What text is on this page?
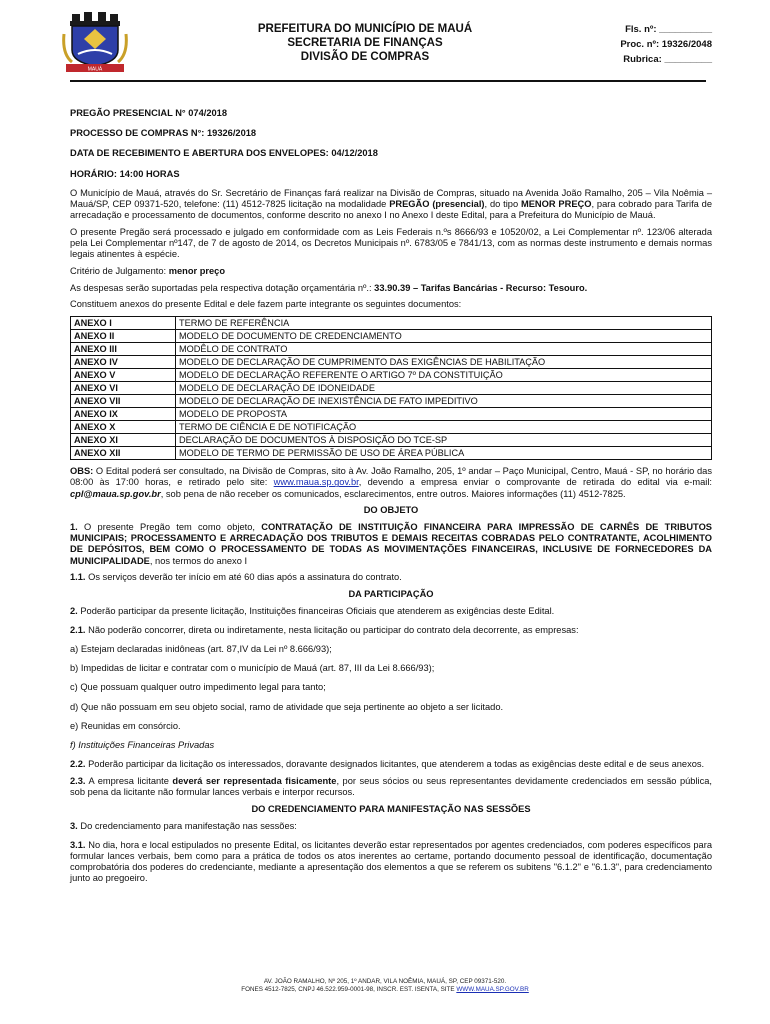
MAUÁ
PREFEITURA DO MUNICÍPIO DE MAUÁ
SECRETARIA DE FINANÇAS
DIVISÃO DE COMPRAS
Fls. nº:
__________
Proc. nº:
19326/2048
Rubrica:
_________

PREGÃO PRESENCIAL N° 074/2018

PROCESSO DE COMPRAS N°: 19326/2018

DATA DE RECEBIMENTO E ABERTURA DOS ENVELOPES: 04/12/2018

HORÁRIO: 14:00 HORAS

O Município de Mauá, através do Sr. Secretário de Finanças fará realizar na Divisão de Compras, situado na Avenida João Ramalho, 205 – Vila Noêmia – Mauá/SP, CEP 09371-520, telefone: (11) 4512-7825 licitação na modalidade PREGÃO (presencial), do tipo MENOR PREÇO, para cobrado para Tarifa de arrecadação e processamento de documentos, conforme descrito no anexo I no Anexo I deste Edital, para a Prefeitura do Município de Mauá.

O presente Pregão será processado e julgado em conformidade com as Leis Federais n.ºs 8666/93 e 10520/02, a Lei Complementar nº. 123/06 alterada pela Lei Complementar nº147, de 7 de agosto de 2014, os Decretos Municipais nº. 6783/05 e 7841/13, com as normas deste instrumento e demais normas legais atinentes à espécie.

Critério de Julgamento: menor preço

As despesas serão suportadas pela respectiva dotação orçamentária nº.: 33.90.39 – Tarifas Bancárias - Recurso: Tesouro.

Constituem anexos do presente Edital e dele fazem parte integrante os seguintes documentos:

ANEXO I	TERMO DE REFERÊNCIA
ANEXO II	MODELO DE DOCUMENTO DE CREDENCIAMENTO
ANEXO III	MODÊLO DE CONTRATO
ANEXO IV	MODELO DE DECLARAÇÃO DE CUMPRIMENTO DAS EXIGÊNCIAS DE HABILITAÇÃO
ANEXO V	MODELO DE DECLARAÇÃO REFERENTE O ARTIGO 7º DA CONSTITUIÇÃO
ANEXO VI	MODELO DE DECLARAÇÃO DE IDONEIDADE
ANEXO VII	MODELO DE DECLARAÇÃO DE INEXISTÊNCIA DE FATO IMPEDITIVO
ANEXO IX	MODELO DE PROPOSTA
ANEXO X	TERMO DE CIÊNCIA E DE NOTIFICAÇÃO
ANEXO XI	DECLARAÇÃO DE DOCUMENTOS À DISPOSIÇÃO DO TCE-SP
ANEXO XII	MODELO DE TERMO DE PERMISSÃO DE USO DE ÁREA PÚBLICA

OBS: O Edital poderá ser consultado, na Divisão de Compras, sito à Av. João Ramalho, 205, 1º andar – Paço Municipal, Centro, Mauá - SP, no horário das 08:00 às 17:00 horas, e retirado pelo site: www.maua.sp.gov.br, devendo a empresa enviar o comprovante de retirada do edital via e-mail: cpl@maua.sp.gov.br, sob pena de não receber os comunicados, esclarecimentos, entre outros. Maiores informações (11) 4512-7825.

DO OBJETO

1. O presente Pregão tem como objeto, CONTRATAÇÃO DE INSTITUIÇÃO FINANCEIRA PARA IMPRESSÃO DE CARNÊS DE TRIBUTOS MUNICIPAIS; PROCESSAMENTO E ARRECADAÇÃO DOS TRIBUTOS E DEMAIS RECEITAS COBRADAS PELO CONTRATANTE, ACOLHIMENTO DE DEPÓSITOS, BEM COMO O PROCESSAMENTO DE TODAS AS MOVIMENTAÇÕES FINANCEIRAS, INCLUSIVE DE FORNECEDORES DA MUNICIPALIDADE, nos termos do anexo I

1.1. Os serviços deverão ter início em até 60 dias após a assinatura do contrato.

DA PARTICIPAÇÃO

2. Poderão participar da presente licitação, Instituições financeiras Oficiais que atenderem as exigências deste Edital.

2.1. Não poderão concorrer, direta ou indiretamente, nesta licitação ou participar do contrato dela decorrente, as empresas:

a) Estejam declaradas inidôneas (art. 87,IV da Lei nº 8.666/93);

b) Impedidas de licitar e contratar com o município de Mauá (art. 87, III da Lei 8.666/93);

c) Que possuam qualquer outro impedimento legal para tanto;

d) Que não possuam em seu objeto social, ramo de atividade que seja pertinente ao objeto a ser licitado.

e) Reunidas em consórcio.

f) Instituições Financeiras Privadas

2.2. Poderão participar da licitação os interessados, doravante designados licitantes, que atenderem a todas as exigências deste edital e de seus anexos.

2.3. A empresa licitante deverá ser representada fisicamente, por seus sócios ou seus representantes devidamente credenciados em sessão pública, sob pena da licitante não formular lances verbais e interpor recursos.

DO CREDENCIAMENTO PARA MANIFESTAÇÃO NAS SESSÕES

3. Do credenciamento para manifestação nas sessões:

3.1. No dia, hora e local estipulados no presente Edital, os licitantes deverão estar representados por agentes credenciados, com poderes específicos para formular lances verbais, bem como para a prática de todos os atos inerentes ao certame, portando documento pessoal de identificação, documentação comprobatória dos poderes do credenciante, mediante a apresentação dos elementos a que se referem os subitens "6.1.2" e "6.1.3", para credenciamento junto ao pregoeiro.

AV. JOÃO RAMALHO, Nº 205, 1º ANDAR, VILA NOÊMIA, MAUÁ, SP, CEP 09371-520.
FONES 4512-7825, CNPJ 46.522.959-0001-98, INSCR. EST. ISENTA, SITE WWW.MAUA.SP.GOV.BR
